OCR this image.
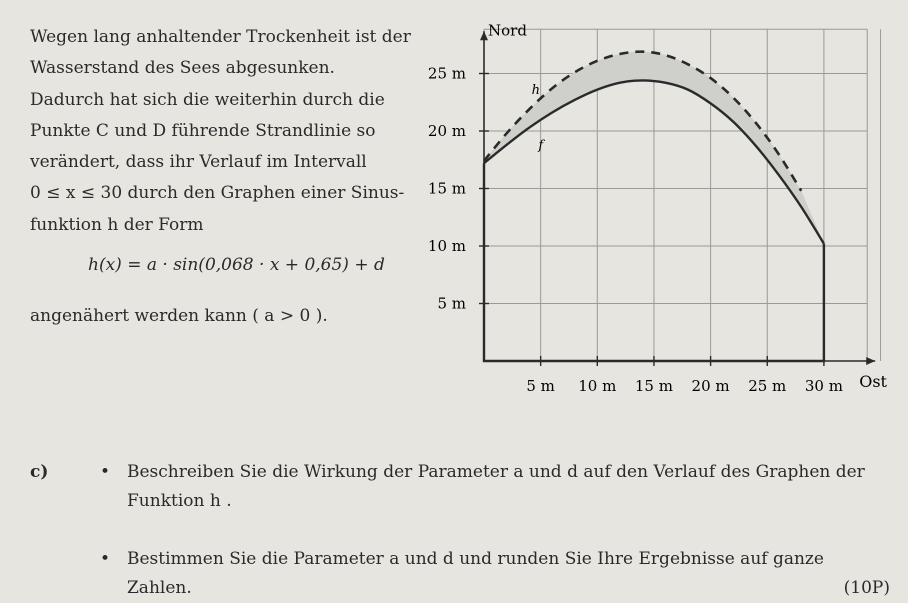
Wegen lang anhaltender Trockenheit ist der

Wasserstand des Sees abgesunken.

Dadurch hat sich die weiterhin durch die

Punkte C und D führende Strandlinie so

verändert, dass ihr Verlauf im Intervall

0 ≤ x ≤ 30 durch den Graphen einer Sinus-

funktion h der Form

h(x) = a · sin(0,068 · x + 0,65) + d
angenähert werden kann ( a > 0 ).
5 m 10 m 15 m 20 m 25 m 30 m
5 m
10 m
15 m
20 m
25 m
Nord
Ost
f
h
c)	• Beschreiben Sie die Wirkung der Parameter a und d auf den Verlauf des Graphen der
Funktion h .
• Bestimmen Sie die Parameter a und d und runden Sie Ihre Ergebnisse auf ganze
Zahlen.	(10P)
